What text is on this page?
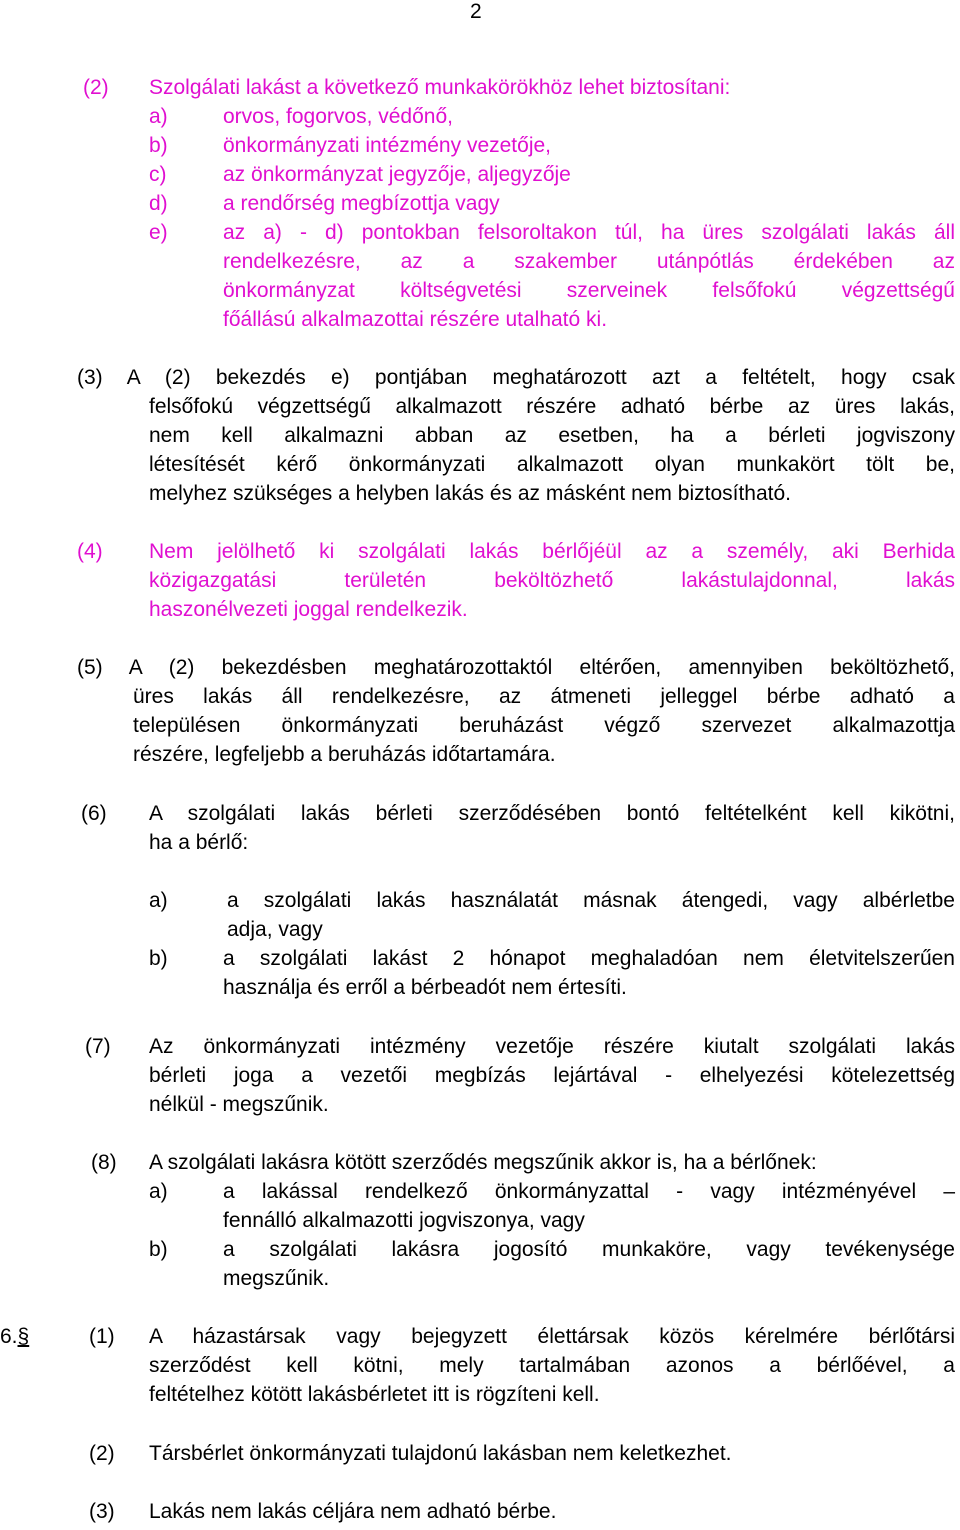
2
(2) Szolgálati lakást a következő munkakörökhöz lehet biztosítani:
a)	orvos, fogorvos, védőnő,
b)	önkormányzati intézmény vezetője,
c)	az önkormányzat jegyzője, aljegyzője
d)	a rendőrség megbízottja vagy
e)	az a) - d) pontokban felsoroltakon túl, ha üres szolgálati lakás áll
rendelkezésre, az a szakember utánpótlás érdekében az
önkormányzat költségvetési szerveinek felsőfokú végzettségű
főállású alkalmazottai részére utalható ki.
(3) A (2) bekezdés e) pontjában meghatározott azt a feltételt, hogy csak
felsőfokú végzettségű alkalmazott részére adható bérbe az üres lakás,
nem kell alkalmazni abban az esetben, ha a bérleti jogviszony
létesítését kérő önkormányzati alkalmazott olyan munkakört tölt be,
melyhez szükséges a helyben lakás és az másként nem biztosítható.
(4) Nem jelölhető ki szolgálati lakás bérlőjéül az a személy, aki Berhida
közigazgatási területén beköltözhető lakástulajdonnal, lakás
haszonélvezeti joggal rendelkezik.
(5) A (2) bekezdésben meghatározottaktól eltérően, amennyiben beköltözhető,
üres lakás áll rendelkezésre, az átmeneti jelleggel bérbe adható a
településen önkormányzati beruházást végző szervezet alkalmazottja
részére, legfeljebb a beruházás időtartamára.
(6) A szolgálati lakás bérleti szerződésében bontó feltételként kell kikötni,
ha a bérlő:
a)	a szolgálati lakás használatát másnak átengedi, vagy albérletbe
adja, vagy
b)	a szolgálati lakást 2 hónapot meghaladóan nem életvitelszerűen
használja és erről a bérbeadót nem értesíti.
(7) Az önkormányzati intézmény vezetője részére kiutalt szolgálati lakás
bérleti joga a vezetői megbízás lejártával - elhelyezési kötelezettség
nélkül - megszűnik.
(8) A szolgálati lakásra kötött szerződés megszűnik akkor is, ha a bérlőnek:
a)	a lakással rendelkező önkormányzattal - vagy intézményével –
fennálló alkalmazotti jogviszonya, vagy
b)	a szolgálati lakásra jogosító munkaköre, vagy tevékenysége
megszűnik.
6.§	(1) A házastársak vagy bejegyzett élettársak közös kérelmére bérlőtársi
szerződést kell kötni, mely tartalmában azonos a bérlőével, a
feltételhez kötött lakásbérletet itt is rögzíteni kell.
(2) Társbérlet önkormányzati tulajdonú lakásban nem keletkezhet.
(3) Lakás nem lakás céljára nem adható bérbe.
